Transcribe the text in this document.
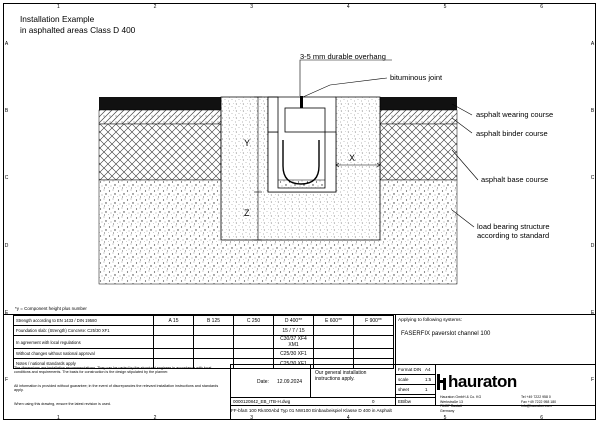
1	2	3	4	5	6
1	2	3	4	5	6
A
B
C
D
E
F
A
B
C
D
E
F
Installation Example
in asphalted areas Class D 400
3-5 mm durable overhang
bituminous joint
asphalt wearing course
asphalt binder course
asphalt base course
load bearing structure
according to standard
Y
Z
X
*y = Component height plus number
Strength according to EN 1433 / DIN 19580	A 15	B 125	C 250	D 400**	E 600**	F 900**
Foundation slab: (Strength) Concrete: C25/30 XF1				15 / 7 / 15		
In agreement with local regulations				C30/37 XF4 XM1		
Without changes without national approval				C25/30 XF1		
Notes / national standards apply				C25/30 XF1		
The dimensions are installation recommendations. They can be varied by the structural engineer in accordance with local conditions and requirements. The basis for construction is the design stipulated by the planner.
All information is provided without guarantee; in the event of discrepancies the relevant installation instructions and standards apply.
When using this drawing, ensure the latest revision is used.
Applying to following systems:
FASERFIX paverslot channel 100
Date: 12.09.2024
Our general installation
instructions apply.
0000120842_EB_ITB-H.dwg	0	EB/bw
Format DIN A4
scale	1:5
sheet	1 hauraton
Hauraton GmbH & Co. KG
Werkstraße 13
76437 Rastatt
Germany
Tel +49 7222 958 0
Fax +49 7222 958 180
info@hauraton.com
FF-bfaS 100 Rk400Abd Typ 01 NW100 Einbaubeispiel Klasse D 400 in Asphalt
